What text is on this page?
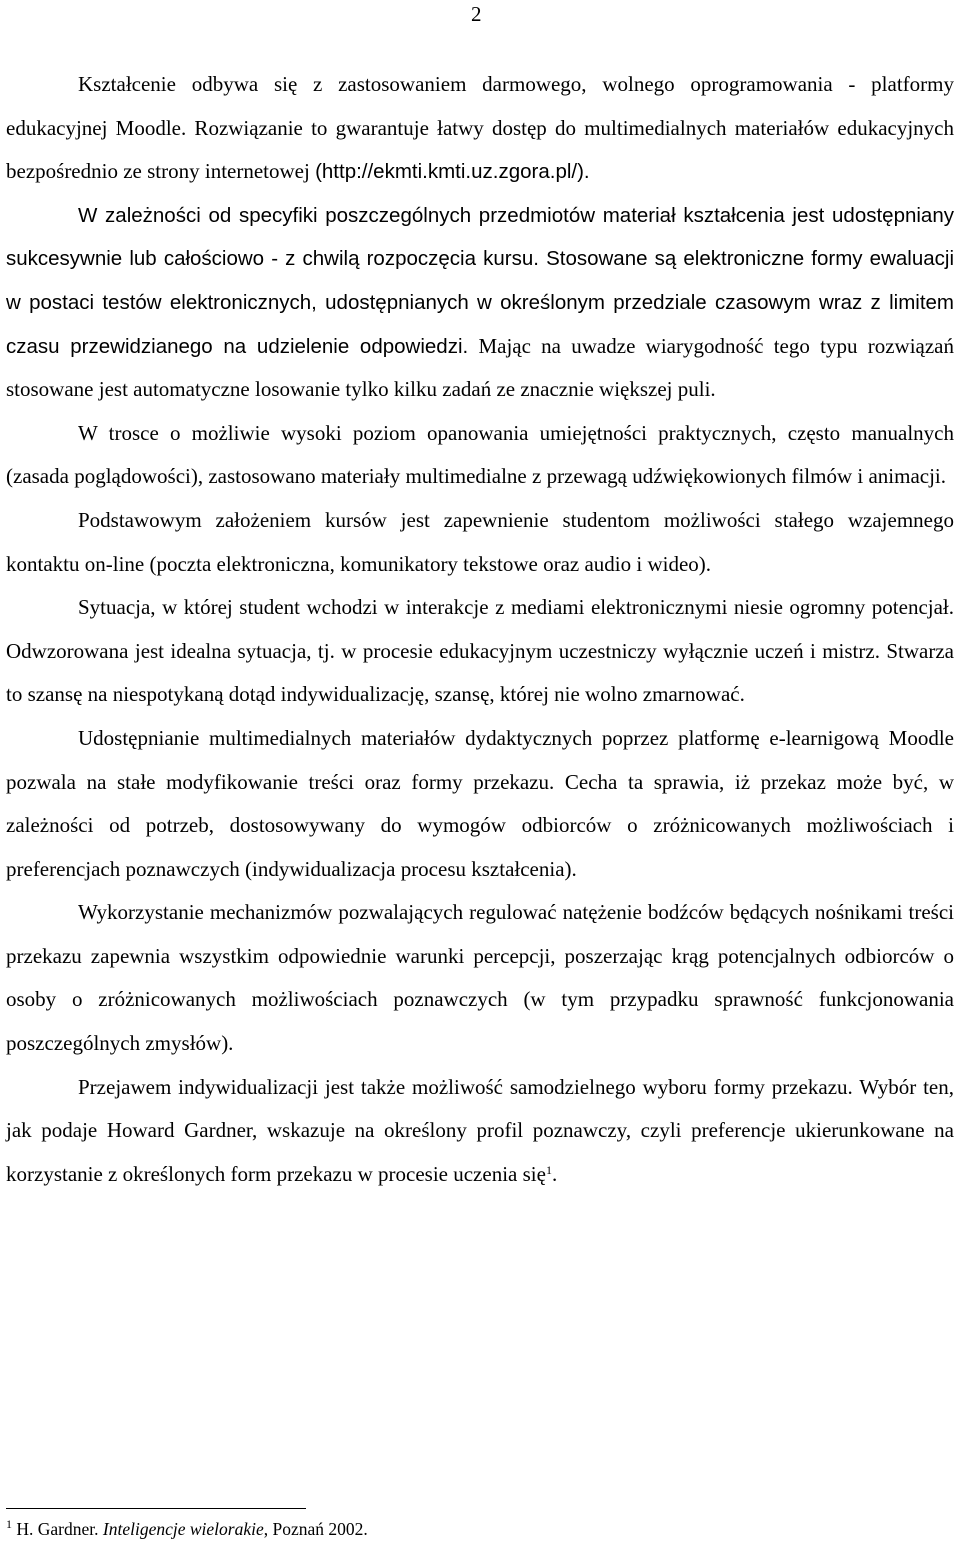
2

Kształcenie odbywa się z zastosowaniem darmowego, wolnego oprogramowania - platformy edukacyjnej Moodle. Rozwiązanie to gwarantuje łatwy dostęp do multimedialnych materiałów edukacyjnych bezpośrednio ze strony internetowej (http://ekmti.kmti.uz.zgora.pl/).

W zależności od specyfiki poszczególnych przedmiotów materiał kształcenia jest udostępniany sukcesywnie lub całościowo - z chwilą rozpoczęcia kursu. Stosowane są elektroniczne formy ewaluacji w postaci testów elektronicznych, udostępnianych w określonym przedziale czasowym wraz z limitem czasu przewidzianego na udzielenie odpowiedzi. Mając na uwadze wiarygodność tego typu rozwiązań stosowane jest automatyczne losowanie tylko kilku zadań ze znacznie większej puli.

W trosce o możliwie wysoki poziom opanowania umiejętności praktycznych, często manualnych (zasada poglądowości), zastosowano materiały multimedialne z przewagą udźwiękowionych filmów i animacji.

Podstawowym założeniem kursów jest zapewnienie studentom możliwości stałego wzajemnego kontaktu on-line (poczta elektroniczna, komunikatory tekstowe oraz audio i wideo).

Sytuacja, w której student wchodzi w interakcje z mediami elektronicznymi niesie ogromny potencjał. Odwzorowana jest idealna sytuacja, tj. w procesie edukacyjnym uczestniczy wyłącznie uczeń i mistrz. Stwarza to szansę na niespotykaną dotąd indywidualizację, szansę, której nie wolno zmarnować.

Udostępnianie multimedialnych materiałów dydaktycznych poprzez platformę e-learnigową Moodle pozwala na stałe modyfikowanie treści oraz formy przekazu. Cecha ta sprawia, iż przekaz może być, w zależności od potrzeb, dostosowywany do wymogów odbiorców o zróżnicowanych możliwościach i preferencjach poznawczych (indywidualizacja procesu kształcenia).

Wykorzystanie mechanizmów pozwalających regulować natężenie bodźców będących nośnikami treści przekazu zapewnia wszystkim odpowiednie warunki percepcji, poszerzając krąg potencjalnych odbiorców o osoby o zróżnicowanych możliwościach poznawczych (w tym przypadku sprawność funkcjonowania poszczególnych zmysłów).

Przejawem indywidualizacji jest także możliwość samodzielnego wyboru formy przekazu. Wybór ten, jak podaje Howard Gardner, wskazuje na określony profil poznawczy, czyli preferencje ukierunkowane na korzystanie z określonych form przekazu w procesie uczenia się$^1$.

$^1$ H. Gardner. Inteligencje wielorakie, Poznań 2002.
